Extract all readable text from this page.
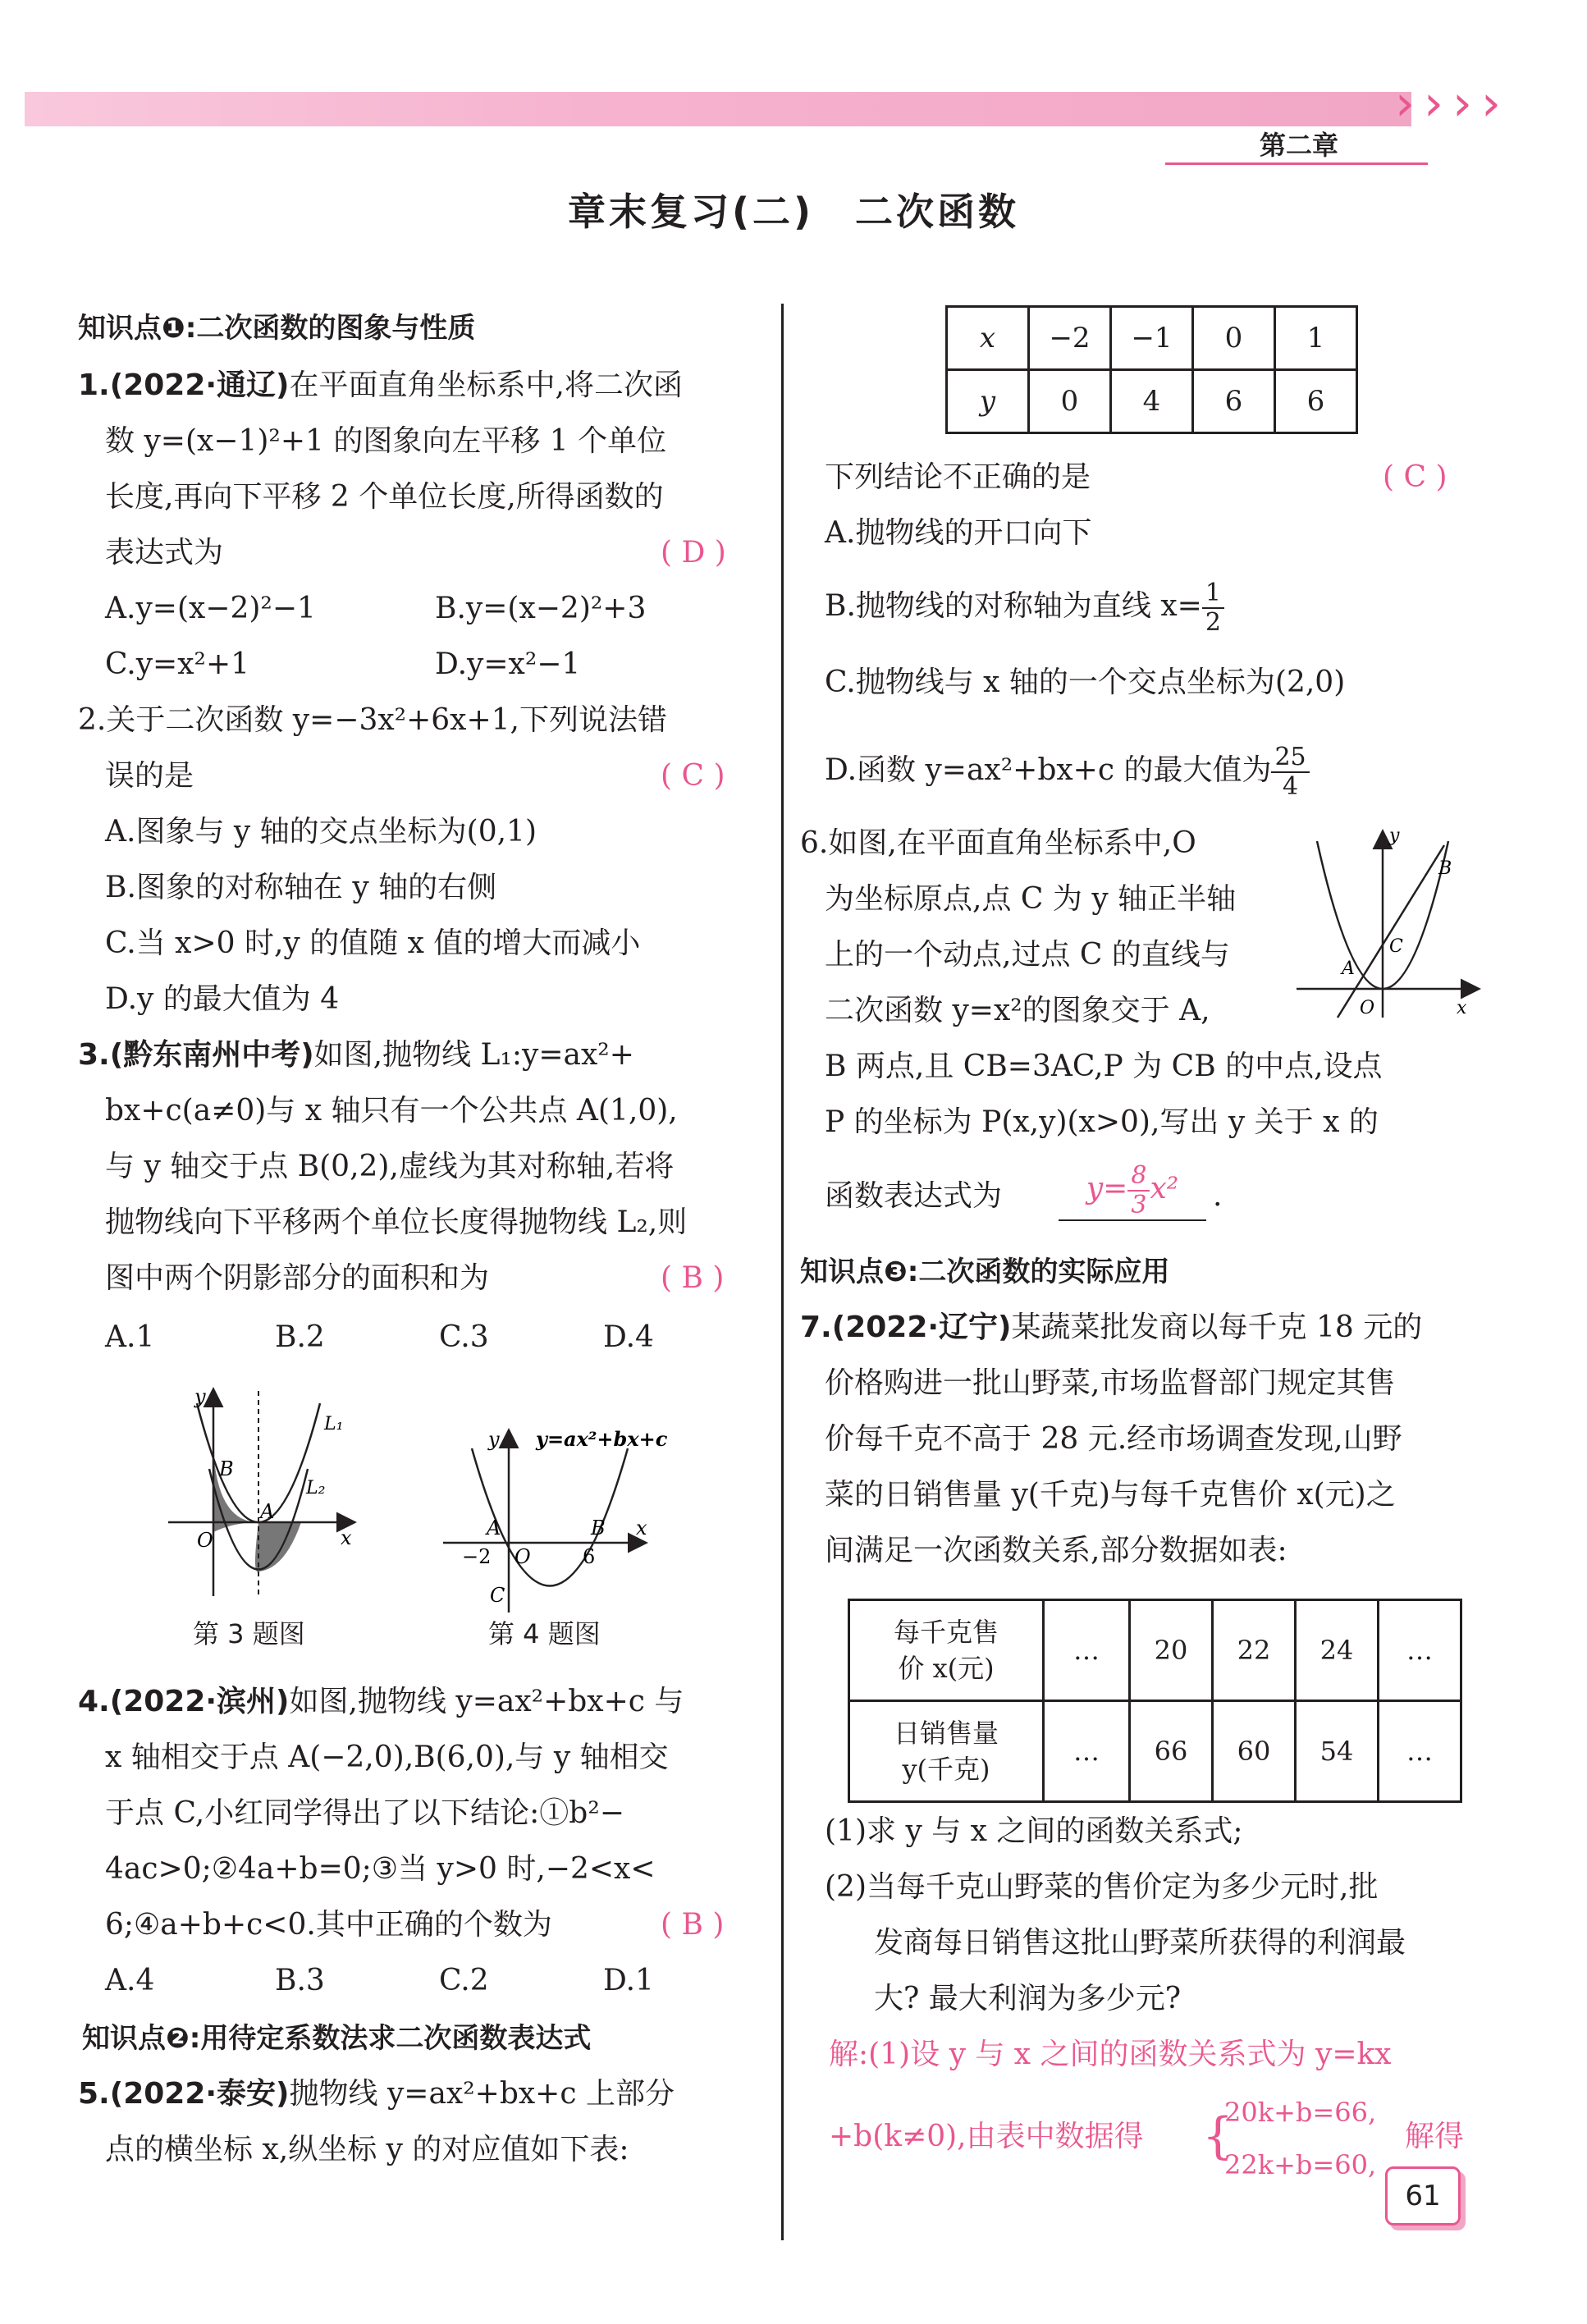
› › › ›
第二章
章末复习(二)　二次函数
知识点❶:二次函数的图象与性质
1.(2022·通辽)在平面直角坐标系中,将二次函
数 y=(x−1)²+1 的图象向左平移 1 个单位
长度,再向下平移 2 个单位长度,所得函数的
表达式为	( D )
A.y=(x−2)²−1	B.y=(x−2)²+3
C.y=x²+1	D.y=x²−1
2.关于二次函数 y=−3x²+6x+1,下列说法错
误的是	( C )
A.图象与 y 轴的交点坐标为(0,1)
B.图象的对称轴在 y 轴的右侧
C.当 x>0 时,y 的值随 x 值的增大而减小
D.y 的最大值为 4
3.(黔东南州中考)如图,抛物线 L₁:y=ax²+
bx+c(a≠0)与 x 轴只有一个公共点 A(1,0),
与 y 轴交于点 B(0,2),虚线为其对称轴,若将
抛物线向下平移两个单位长度得抛物线 L₂,则
图中两个阴影部分的面积和为	( B )
A.1	B.2	C.3	D.4
y
x
O
A
B
L₁
L₂
第 3 题图
y
x
O
A	B
C
−2	6
y=ax²+bx+c
第 4 题图
4.(2022·滨州)如图,抛物线 y=ax²+bx+c 与
x 轴相交于点 A(−2,0),B(6,0),与 y 轴相交
于点 C,小红同学得出了以下结论:①b²−
4ac>0;②4a+b=0;③当 y>0 时,−2<x<
6;④a+b+c<0.其中正确的个数为	( B )
A.4	B.3	C.2	D.1
知识点❷:用待定系数法求二次函数表达式
5.(2022·泰安)抛物线 y=ax²+bx+c 上部分
点的横坐标 x,纵坐标 y 的对应值如下表:
x	−2	−1	0	1
y	0	4	6	6
下列结论不正确的是	( C )
A.抛物线的开口向下
B.抛物线的对称轴为直线 $x= \frac{1}{2}$
C.抛物线与 x 轴的一个交点坐标为(2,0)
D.函数 y=ax²+bx+c 的最大值为 $\frac{25}{4}$
6.如图,在平面直角坐标系中,O
为坐标原点,点 C 为 y 轴正半轴
上的一个动点,过点 C 的直线与
二次函数 y=x²的图象交于 A,
B 两点,且 CB=3AC,P 为 CB 的中点,设点
P 的坐标为 P(x,y)(x>0),写出 y 关于 x 的
函数表达式为	$y= \frac{8}{3} x^2$	.
y
x
O
A
B
C
知识点❸:二次函数的实际应用
7.(2022·辽宁)某蔬菜批发商以每千克 18 元的
价格购进一批山野菜,市场监督部门规定其售
价每千克不高于 28 元.经市场调查发现,山野
菜的日销售量 y(千克)与每千克售价 x(元)之
间满足一次函数关系,部分数据如表:
每千克售
价 x(元)	…	20	22	24	…
日销售量
y(千克)	…	66	60	54	…
(1)求 y 与 x 之间的函数关系式;
(2)当每千克山野菜的售价定为多少元时,批
发商每日销售这批山野菜所获得的利润最
大? 最大利润为多少元?
解:(1)设 y 与 x 之间的函数关系式为 y=kx
+b(k≠0),由表中数据得 {
20k+b=66,
22k+b=60,
解得
61
